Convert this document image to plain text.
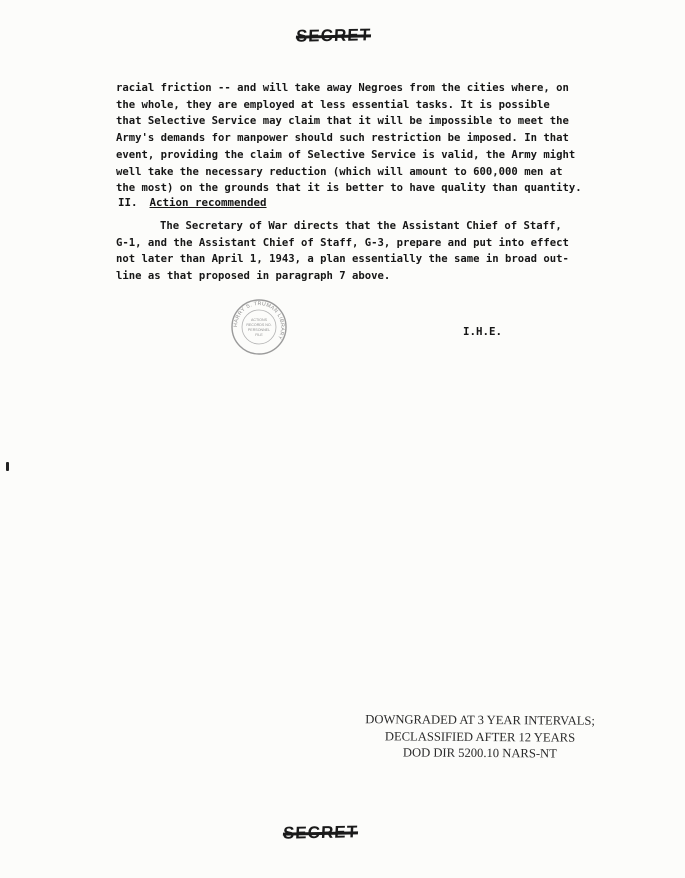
SECRET

racial friction -- and will take away Negroes from the cities where, on
the whole, they are employed at less essential tasks. It is possible
that Selective Service may claim that it will be impossible to meet the
Army's demands for manpower should such restriction be imposed. In that
event, providing the claim of Selective Service is valid, the Army might
well take the necessary reduction (which will amount to 600,000 men at
the most) on the grounds that it is better to have quality than quantity.

II. Action recommended

The Secretary of War directs that the Assistant Chief of Staff,
G-1, and the Assistant Chief of Staff, G-3, prepare and put into effect
not later than April 1, 1943, a plan essentially the same in broad out-
line as that proposed in paragraph 7 above.

HARRY S. TRUMAN LIBRARY
ACTIONS
RECORDS NO.
PERSONNEL
FILE	I.H.E.
DOWNGRADED AT 3 YEAR INTERVALS;
DECLASSIFIED AFTER 12 YEARS
DOD DIR 5200.10 NARS-NT
SECRET
